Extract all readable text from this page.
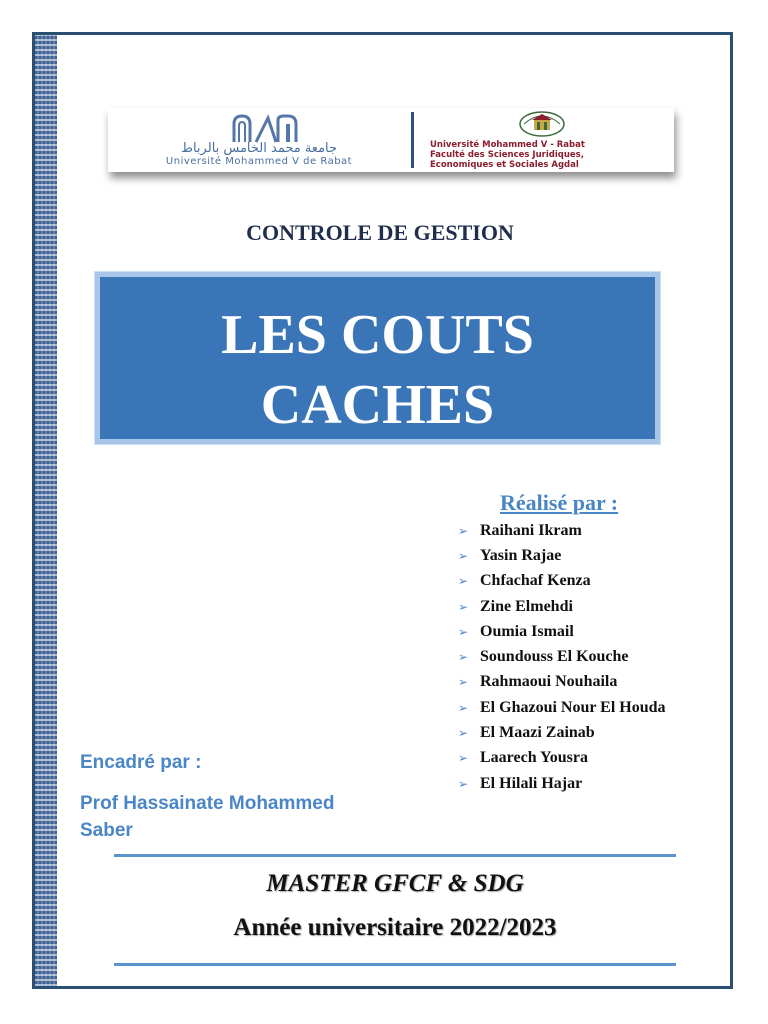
جامعة محمد الخامس بالرباط
Université Mohammed V de Rabat
Université Mohammed V - Rabat
Faculté des Sciences Juridiques,
Economiques et Sociales Agdal
CONTROLE DE GESTION
LES COUTS
CACHES
Réalisé par :
➢ Raihani Ikram
➢ Yasin Rajae
➢ Chfachaf Kenza
➢ Zine Elmehdi
➢ Oumia Ismail
➢ Soundouss El Kouche
➢ Rahmaoui Nouhaila
➢ El Ghazoui Nour El Houda
➢ El Maazi Zainab
➢ Laarech Yousra
➢ El Hilali Hajar
Encadré par :
Prof Hassainate Mohammed
Saber
MASTER GFCF & SDG
Année universitaire 2022/2023
